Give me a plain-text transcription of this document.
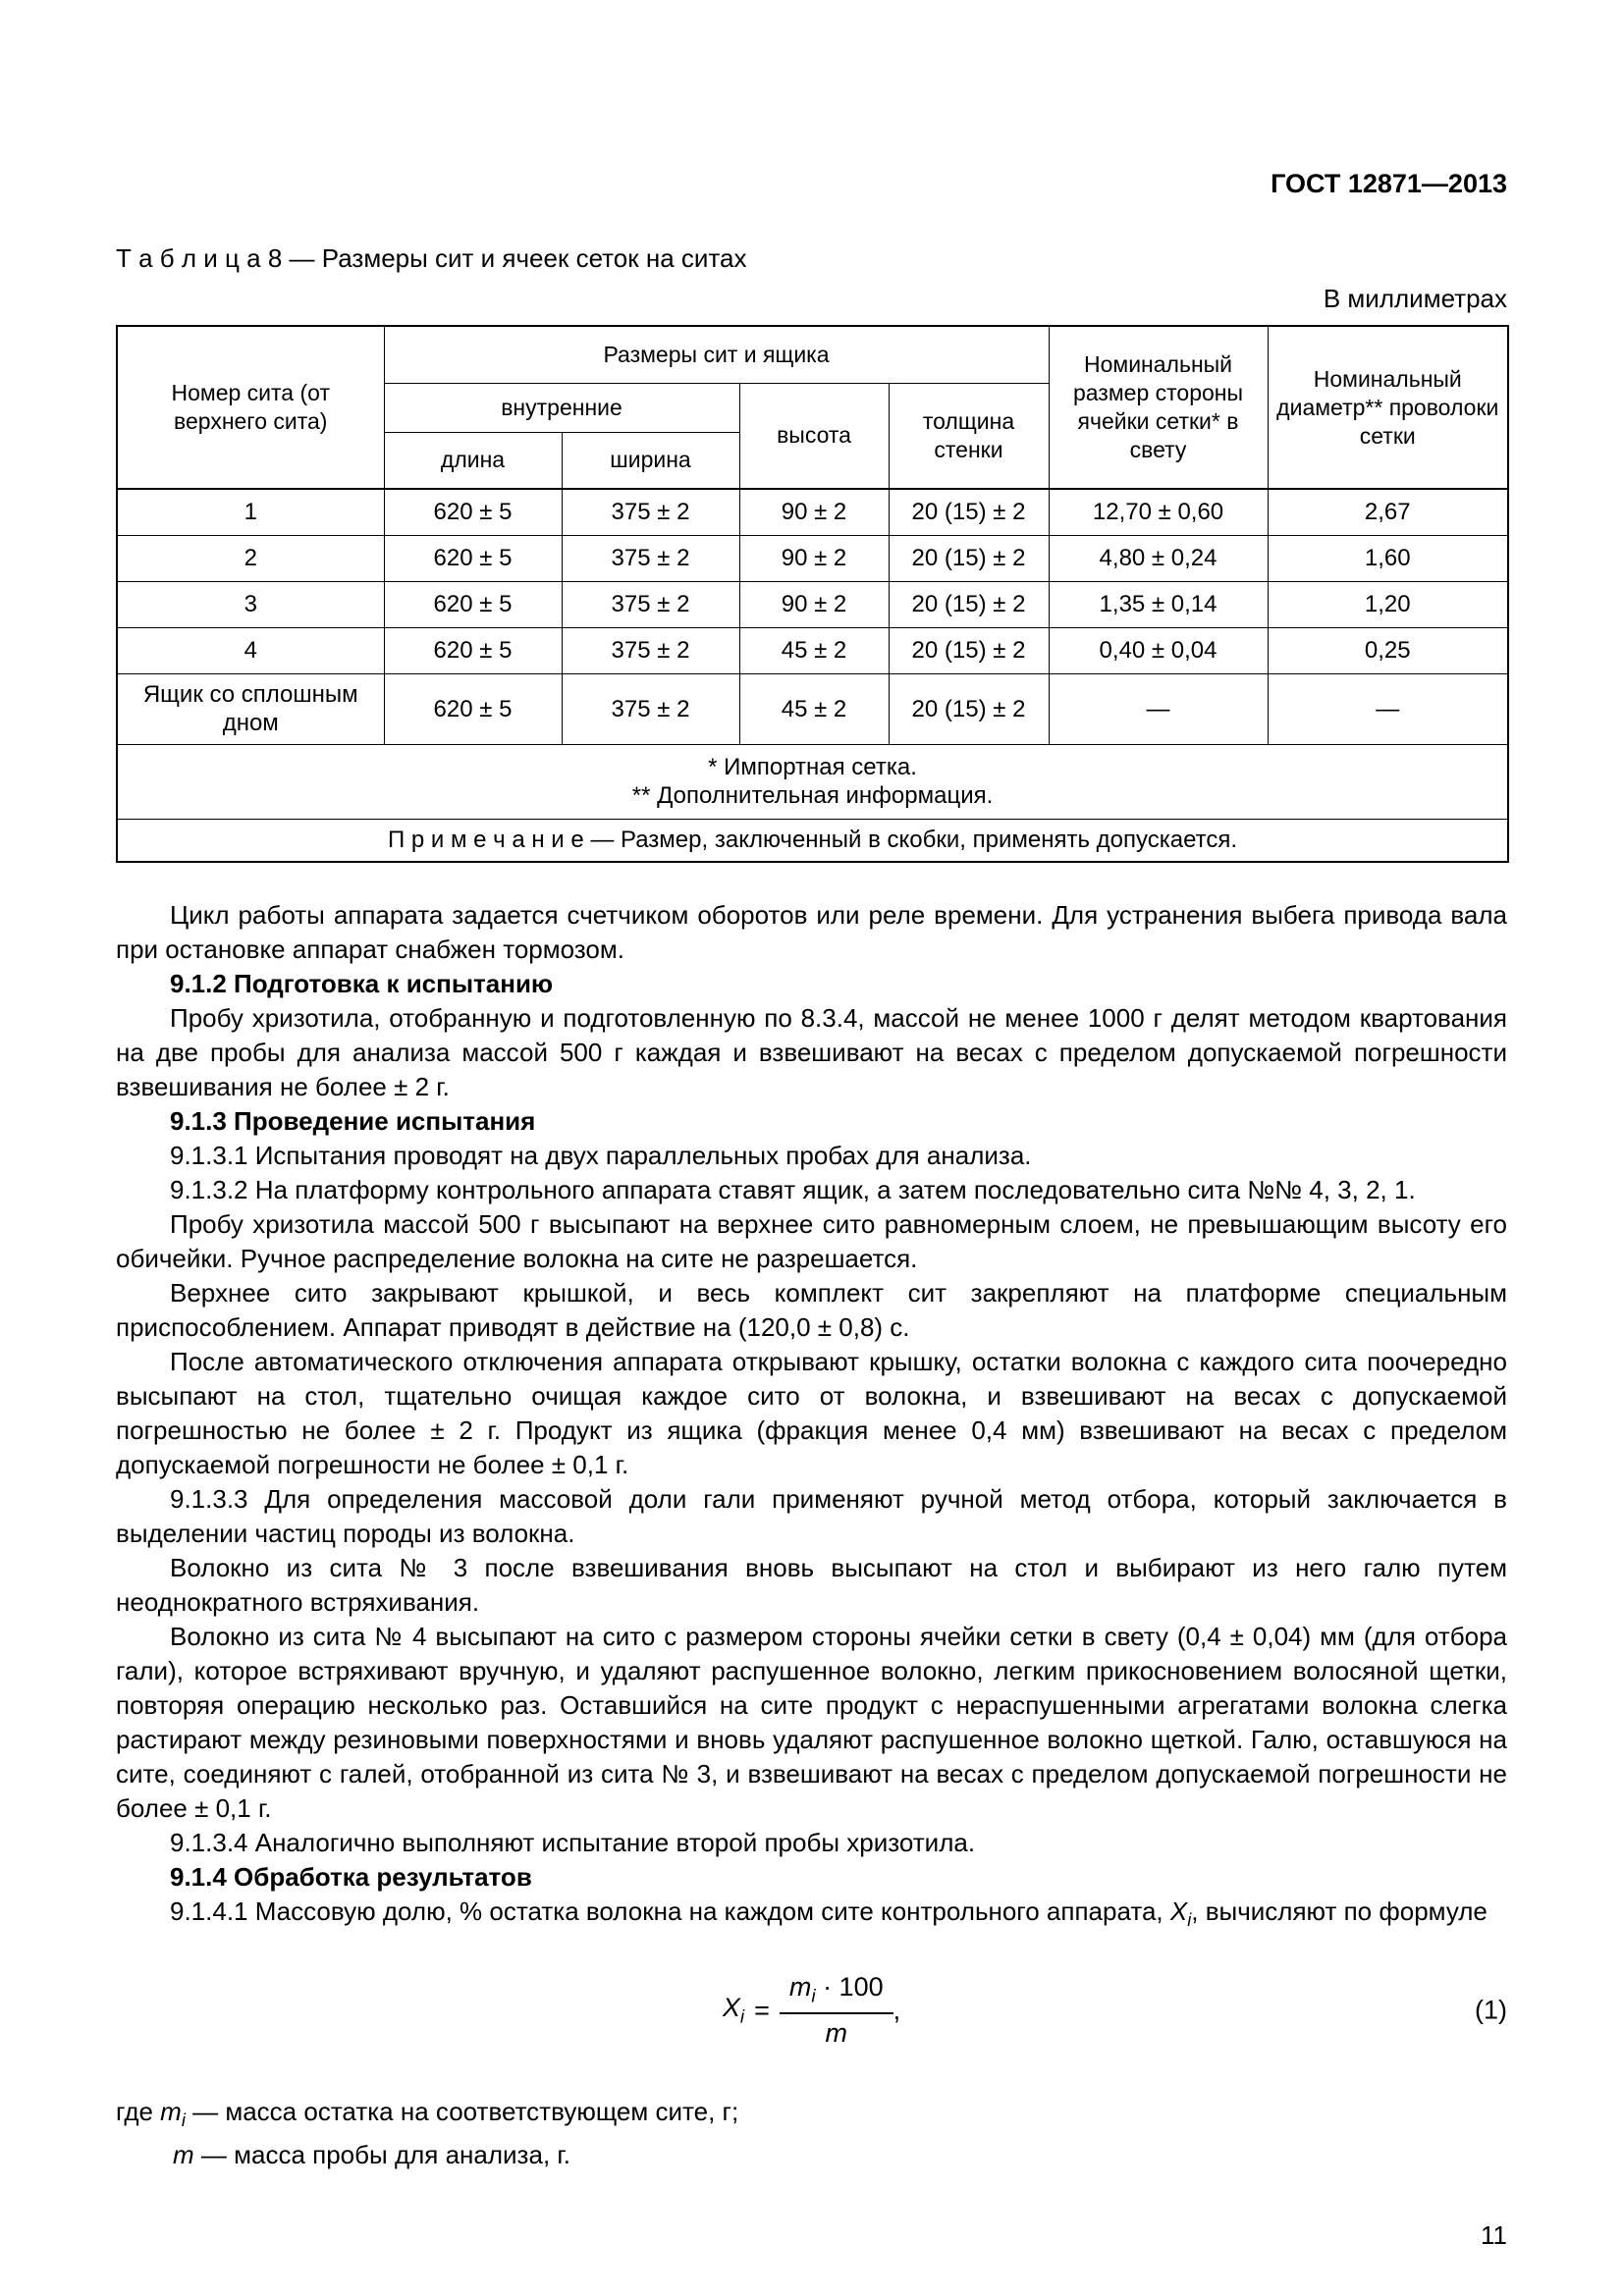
ГОСТ 12871—2013
Т а б л и ц а 8 — Размеры сит и ячеек сеток на ситах
В миллиметрах
Номер сита (от верхнего сита)	Размеры сит и ящика				Номинальный размер стороны ячейки сетки* в свету	Номинальный диаметр** проволоки сетки
	внутренние		высота	толщина стенки		
	длина	ширина				
1	620 ± 5	375 ± 2	90 ± 2	20 (15) ± 2	12,70 ± 0,60	2,67
2	620 ± 5	375 ± 2	90 ± 2	20 (15) ± 2	4,80 ± 0,24	1,60
3	620 ± 5	375 ± 2	90 ± 2	20 (15) ± 2	1,35 ± 0,14	1,20
4	620 ± 5	375 ± 2	45 ± 2	20 (15) ± 2	0,40 ± 0,04	0,25
Ящик со сплошным дном	620 ± 5	375 ± 2	45 ± 2	20 (15) ± 2	—	—

* Импортная сетка.
** Дополнительная информация.						

П р и м е ч а н и е — Размер, заключенный в скобки, применять допускается.						

Цикл работы аппарата задается счетчиком оборотов или реле времени. Для устранения выбега привода вала при остановке аппарат снабжен тормозом.

9.1.2 Подготовка к испытанию

Пробу хризотила, отобранную и подготовленную по 8.3.4, массой не менее 1000 г делят методом квартования на две пробы для анализа массой 500 г каждая и взвешивают на весах с пределом допускаемой погрешности взвешивания не более ± 2 г.

9.1.3 Проведение испытания

9.1.3.1 Испытания проводят на двух параллельных пробах для анализа.

9.1.3.2 На платформу контрольного аппарата ставят ящик, а затем последовательно сита №№ 4, 3, 2, 1.

Пробу хризотила массой 500 г высыпают на верхнее сито равномерным слоем, не превышающим высоту его обичейки. Ручное распределение волокна на сите не разрешается.

Верхнее сито закрывают крышкой, и весь комплект сит закрепляют на платформе специальным приспособлением. Аппарат приводят в действие на (120,0 ± 0,8) с.

После автоматического отключения аппарата открывают крышку, остатки волокна с каждого сита поочередно высыпают на стол, тщательно очищая каждое сито от волокна, и взвешивают на весах с допускаемой погрешностью не более ± 2 г. Продукт из ящика (фракция менее 0,4 мм) взвешивают на весах с пределом допускаемой погрешности не более ± 0,1 г.

9.1.3.3 Для определения массовой доли гали применяют ручной метод отбора, который заключается в выделении частиц породы из волокна.

Волокно из сита № 3 после взвешивания вновь высыпают на стол и выбирают из него галю путем неоднократного встряхивания.

Волокно из сита № 4 высыпают на сито с размером стороны ячейки сетки в свету (0,4 ± 0,04) мм (для отбора гали), которое встряхивают вручную, и удаляют распушенное волокно, легким прикосновением волосяной щетки, повторяя операцию несколько раз. Оставшийся на сите продукт с нераспушенными агрегатами волокна слегка растирают между резиновыми поверхностями и вновь удаляют распушенное волокно щеткой. Галю, оставшуюся на сите, соединяют с галей, отобранной из сита № 3, и взвешивают на весах с пределом допускаемой погрешности не более ± 0,1 г.

9.1.3.4 Аналогично выполняют испытание второй пробы хризотила.

9.1.4 Обработка результатов

9.1.4.1 Массовую долю, % остатка волокна на каждом сите контрольного аппарата, $X_i$, вычисляют по формуле

$X_i = \frac{m_i \cdot 100}{m}$ ,	(1)

где $m_i$ — масса остатка на соответствующем сите, г;

m — масса пробы для анализа, г.

11
